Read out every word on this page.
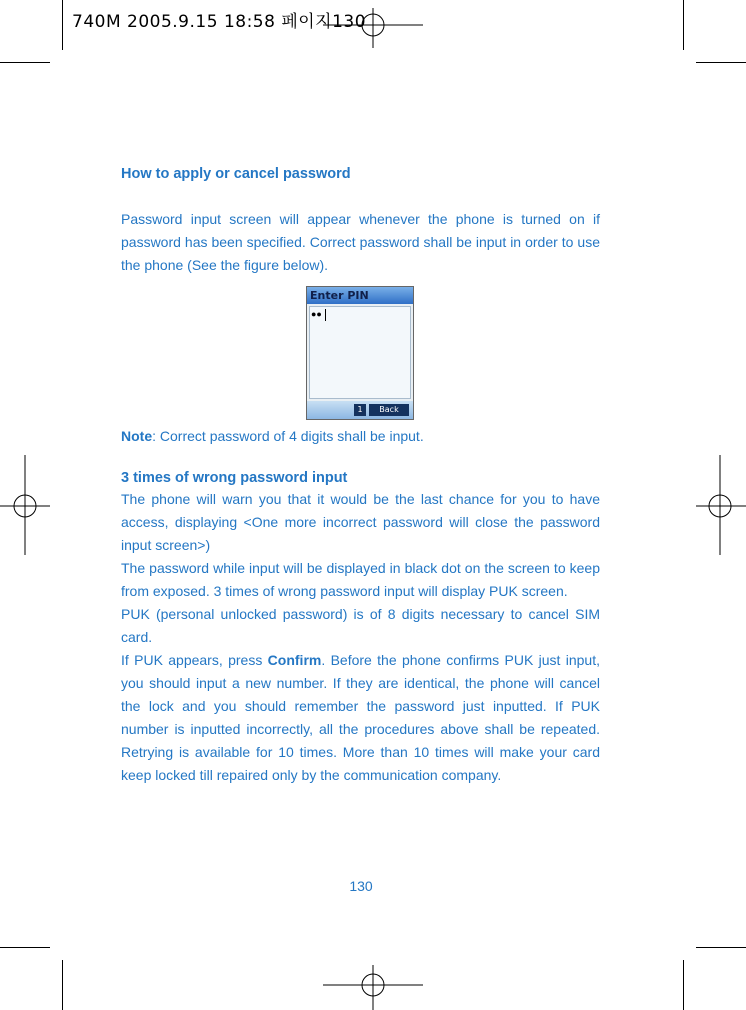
740M 2005.9.15 18:58 페이지130
How to apply or cancel password

Password input screen will appear whenever the phone is turned on if password has been specified. Correct password shall be input in order to use the phone (See the figure below).

Enter PIN
●●
1	Back
Note: Correct password of 4 digits shall be input.
3 times of wrong password input

The phone will warn you that it would be the last chance for you to have access, displaying <One more incorrect password will close the password input screen>)

The password while input will be displayed in black dot on the screen to keep from exposed. 3 times of wrong password input will display PUK screen.

PUK (personal unlocked password) is of 8 digits necessary to cancel SIM card.

If PUK appears, press Confirm. Before the phone confirms PUK just input, you should input a new number. If they are identical, the phone will cancel the lock and you should remember the password just inputted. If PUK number is inputted incorrectly, all the procedures above shall be repeated. Retrying is available for 10 times. More than 10 times will make your card keep locked till repaired only by the communication company.

130
